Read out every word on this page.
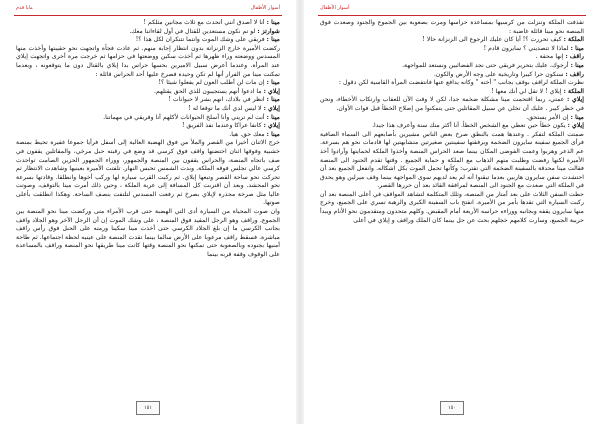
مايا قدم	أسوار الأطفال

مينا : أنا لا أصدق أنني أتحدث مع ثلاث مجانين مثلكم !

شوارتز : لو تم نكون مستعدين للقتال في أول لقاءاتنا معك.

مينا : فريقي على وشك الموت وانتما تتنكران لكل هذا ؟!

ركضت الأميرة خارج الزنزانة بدون انتظار إجابة منهم. ثم عادت فجأة واتجهت نحو حقيبتها وأخذت منها المسدس ووضعته وراء ظهرها ثم أخذت سكين ووضعتها في حزامها ثم خرجت مرة أخرى واتجهت إيلاي عند المرأة. وعندما أعرض سبيل الاميرين بحسها حراس بدا إيلاي بالقتال دون ما يتوقعونه ، وبعدما تمكنت مينا من الفرار أنها لم تكن وحيدة فصرخ عليها أحد الحراس قائلة :

مينا : إن مات لن أطلب العون لم يفعلوا شيئا ؟!

إيلاي : ما ادعوا أنهم يستجيبون للذي الحق يقتلهم.

مينا : انظر في بلادك، انهم بشر لا حيوانات !

إيلاي : لا ليس لدي أنك ما توقعا له !

مينا : أنت لم تريني وأنا أسلخ الحيوانات لأكلهم أنا وفريقي في مهماتنا.

إيلاي : كانفا عراكا وعندما نفذ الفريق !

مينا : معك حق. هيا.

خرج الاثنان أخيرا من القصر والملأ من فوق الهضبة العالية إلى أسفل فرأيا جموعا غفيرة تحيط بمنصة خشبية وفوقها اثنان احتضنها واقف فوق كرسي قد وضع في رقبته حبل مرخي، والمقاتلين يقفون في صف باتجاه المنصة، والحراس يقفون بين المنصة والجمهور، ووراء الجمهور الحزين الصامت تواجدت كرسي عالي تجلس فوقه الملكة. وبدت الشمس تحبس النهار. تلفتت الأميرة بعينيها وشاهدت الانتظار ثم تحركت نحو ساحة القصر وتبعها إيلاي. ثم ركبت القرب سيارة لها وركب أخوها وانطلقا. وقادتها بسرعة نحو المحشد. وبعد أن اقتربت كل المسافة إلى عربة الملكة ، وحين ذلك أمرت مينا بالتوقف، وصوتت عاليا مثل صرخة محذرة لإيلاي بصرخ ثم رفعت المسدس لتلتفت بنصف الساحة. وهكذا انطلقت بأعلى صوتها.

وان صوت المحياة من السيارة أدى التي الهضبة حتى قرب الأمراء متى وركضت مينا نحو المنصة بين الجموع. وراقف وهو الرجل المقيد فوق المنصة ، على وشك الموت إن أن الرجل الآخر وهو الجلاد واقف بجانب الكرسي ما إن بلغ الجلاد الكرسي حتى أخذت مينا سكينا ورمته على الحبل فوق رأس راقف مباشرة. فسقط راقف مرعوبا على الأرض سالما بينما تقدت المنصة على عينيه لحظة اجتماعها. ثم طاحة أمنيها بجنوده وبالصعوبة حتى تمكنها نحو المنصة وقتها كانت مينا طريقها نحو المنصة وراقف بالمساعدة على الوقوف وقفة قربه بينما

١٥١
أسوار الأطفال

تقذفت الملكة وتنزلت من كرسيها بمساعدة حراسها ومرت بصعوبة بين الجموع والجنود وصعدت فوق المنصة نحو مينا قائلة غاضبة :

الملكة : كيف تحررت ؟! أيا كان عليك الرجوع الى الزنزانة حالا !

مينا : لماذا لا تتصديني ؟ سايرون قادم !

راقف : إنها محقة .

مينا : أرجوك، عليك بتحرير فريقي حتى نجد الفضائيين ونستعد للمواجهة.

راقف : سنكون حرا كبيرا وتاريخية على وجه الأرض والكون.

نظرت الملكة لراقف بوقف بجانب " أخته " وكانه يدافع عنها فانتفضت المرأة القاسية لكن دقول :

الملكة : إيلاي ! لا تقل لي أنك معها !

إيلاي : عمتي، ربما اقتحمت مينا مشكلة ضخمة جدا، لكن لا وقت الآن للعقاب وارتكاب الأخطاء، ونحن في خطر كبير . عليك أن تخلي عن سبيل المقاتلين حتى يتمكنوا من إصلاح الخطأ قبل فوات الأوان.

مينا : إن الأمر يستحق.

إيلاي : يكون خطأ حين تعطي مع الشخص الخطأ. أنا أكثر منك سنة وأعرف هذا جيدا.

صمتت الملكة لتفكر . وعندها همت بالنطق صرخ بعض الناس مشيرين بأصابعهم الى السماء الصافية فرأى الجميع سفينة سايرون الضخمة وبرفقتها سفينتين صغيرتين متشابهتين لها قادمات نحو هم بسرعة. عم الذعر وهربوا وعمت الفوضى المكان بينما صعد الحراس المنصة وأخذوا الملكة لحمايتها وأرادوا أخذ الأميرة لكنها رفضت وطلبت منهم الذهاب مع الملكة و حماية الجميع . وقتها تقدم الجنود الى المنصة فقالت مينا محدقة بالسفينة الضخمة التي تقترب: وكأنها تحمل الموت بكل اشكاله. وانفعل الجميع بعد أن احتشدت سفن سايرون هاربين بعدما تيقنوا أنه لم يعد لديهم سوى المواجهة بينما وقف ميرلين وهو يحدق في الملكة التي صعدت مع الجنود الى المنصة لمرافقة القائد بعد أن حررها القصر.

حطت السفن الثلاث على بعد أمتار من المنصة، وتلك المتكلمة لتشاهد المواقف في أعلى المنصة بعد أن ركبت السيارة التي تقدها بأمر من الأميرة. انفتح باب السفينة الكبرى والرهبة تسري على الجميع، وخرج منها سايرون يقفه وبجانبه ووراءه حراسه الأربعة أمام المقبض. وكلهم متحدون ومتقدمون نحو الأنام ويبدأ حريبة الجميع، وسارت كلامهم خجلهم بحث عن حل بينما كان الملك وراقف و إيلاي في أعلى

١٥٠
